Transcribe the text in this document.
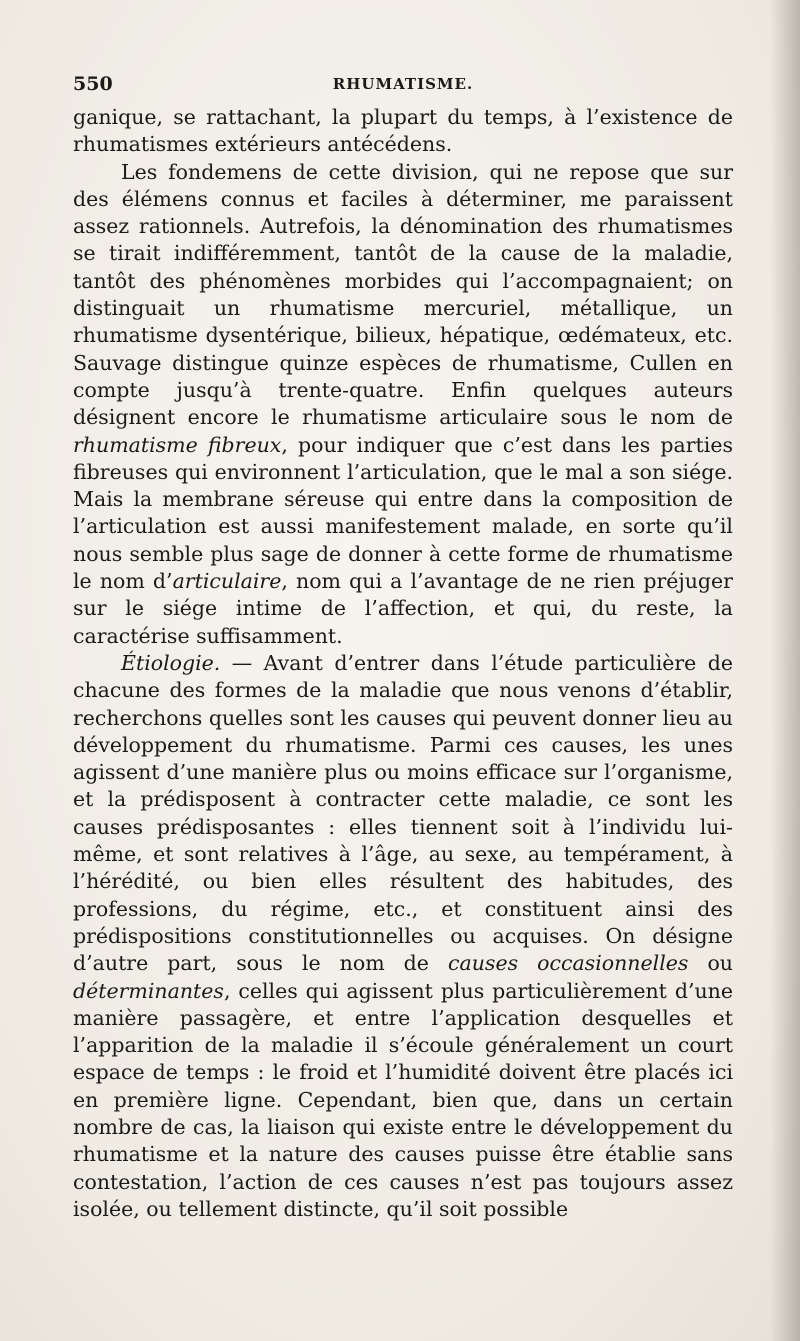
550	RHUMATISME.

ganique, se rattachant, la plupart du temps, à l’existence de rhumatismes extérieurs antécédens.

Les fondemens de cette division, qui ne repose que sur des élémens connus et faciles à déterminer, me paraissent assez rationnels. Autrefois, la dénomination des rhumatismes se tirait indifféremment, tantôt de la cause de la maladie, tantôt des phénomènes morbides qui l’accompagnaient; on distinguait un rhumatisme mercuriel, métallique, un rhumatisme dysentérique, bilieux, hépatique, œdémateux, etc. Sauvage distingue quinze espèces de rhumatisme, Cullen en compte jusqu’à trente-quatre. Enfin quelques auteurs désignent encore le rhumatisme articulaire sous le nom de rhumatisme fibreux, pour indiquer que c’est dans les parties fibreuses qui environnent l’articulation, que le mal a son siége. Mais la membrane séreuse qui entre dans la composition de l’articulation est aussi manifestement malade, en sorte qu’il nous semble plus sage de donner à cette forme de rhumatisme le nom d’articulaire, nom qui a l’avantage de ne rien préjuger sur le siége intime de l’affection, et qui, du reste, la caractérise suffisamment.

Étiologie. — Avant d’entrer dans l’étude particulière de chacune des formes de la maladie que nous venons d’établir, recherchons quelles sont les causes qui peuvent donner lieu au développement du rhumatisme. Parmi ces causes, les unes agissent d’une manière plus ou moins efficace sur l’organisme, et la prédisposent à contracter cette maladie, ce sont les causes prédisposantes : elles tiennent soit à l’individu lui-même, et sont relatives à l’âge, au sexe, au tempérament, à l’hérédité, ou bien elles résultent des habitudes, des professions, du régime, etc., et constituent ainsi des prédispositions constitutionnelles ou acquises. On désigne d’autre part, sous le nom de causes occasionnelles ou déterminantes, celles qui agissent plus particulièrement d’une manière passagère, et entre l’application desquelles et l’apparition de la maladie il s’écoule généralement un court espace de temps : le froid et l’humidité doivent être placés ici en première ligne. Cependant, bien que, dans un certain nombre de cas, la liaison qui existe entre le développement du rhumatisme et la nature des causes puisse être établie sans contestation, l’action de ces causes n’est pas toujours assez isolée, ou tellement distincte, qu’il soit possible
